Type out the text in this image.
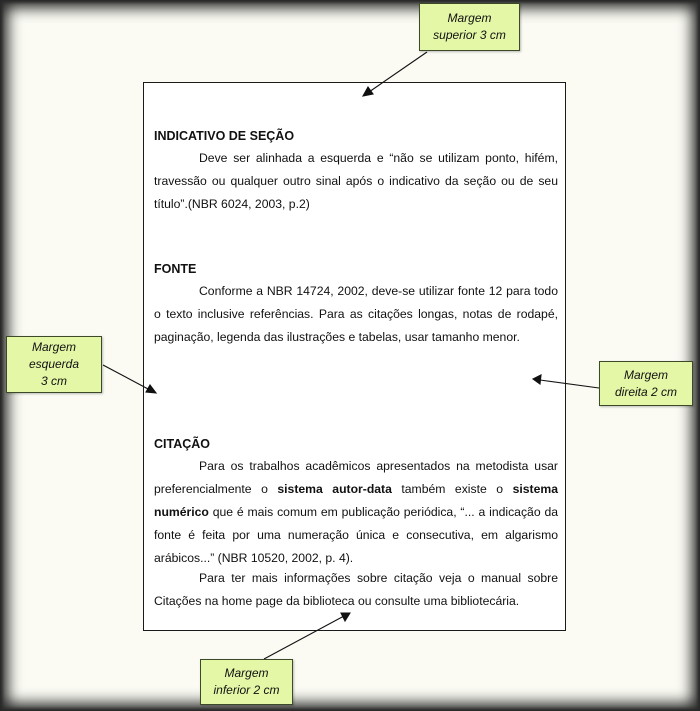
INDICATIVO DE SEÇÃO

Deve ser alinhada a esquerda e “não se utilizam ponto, hifém, travessão ou qualquer outro sinal após o indicativo da seção ou de seu título”.(NBR 6024, 2003, p.2)

FONTE

Conforme a NBR 14724, 2002, deve-se utilizar fonte 12 para todo o texto inclusive referências. Para as citações longas, notas de rodapé, paginação, legenda das ilustrações e tabelas, usar tamanho menor.

CITAÇÃO

Para os trabalhos acadêmicos apresentados na metodista usar preferencialmente o sistema autor-data também existe o sistema numérico que é mais comum em publicação periódica, “... a indicação da fonte é feita por uma numeração única e consecutiva, em algarismo arábicos...” (NBR 10520, 2002, p. 4).

Para ter mais informações sobre citação veja o manual sobre Citações na home page da biblioteca ou consulte uma bibliotecária.

Margem
superior 3 cm
Margem
esquerda
3 cm	Margem
direita 2 cm
Margem
inferior 2 cm
